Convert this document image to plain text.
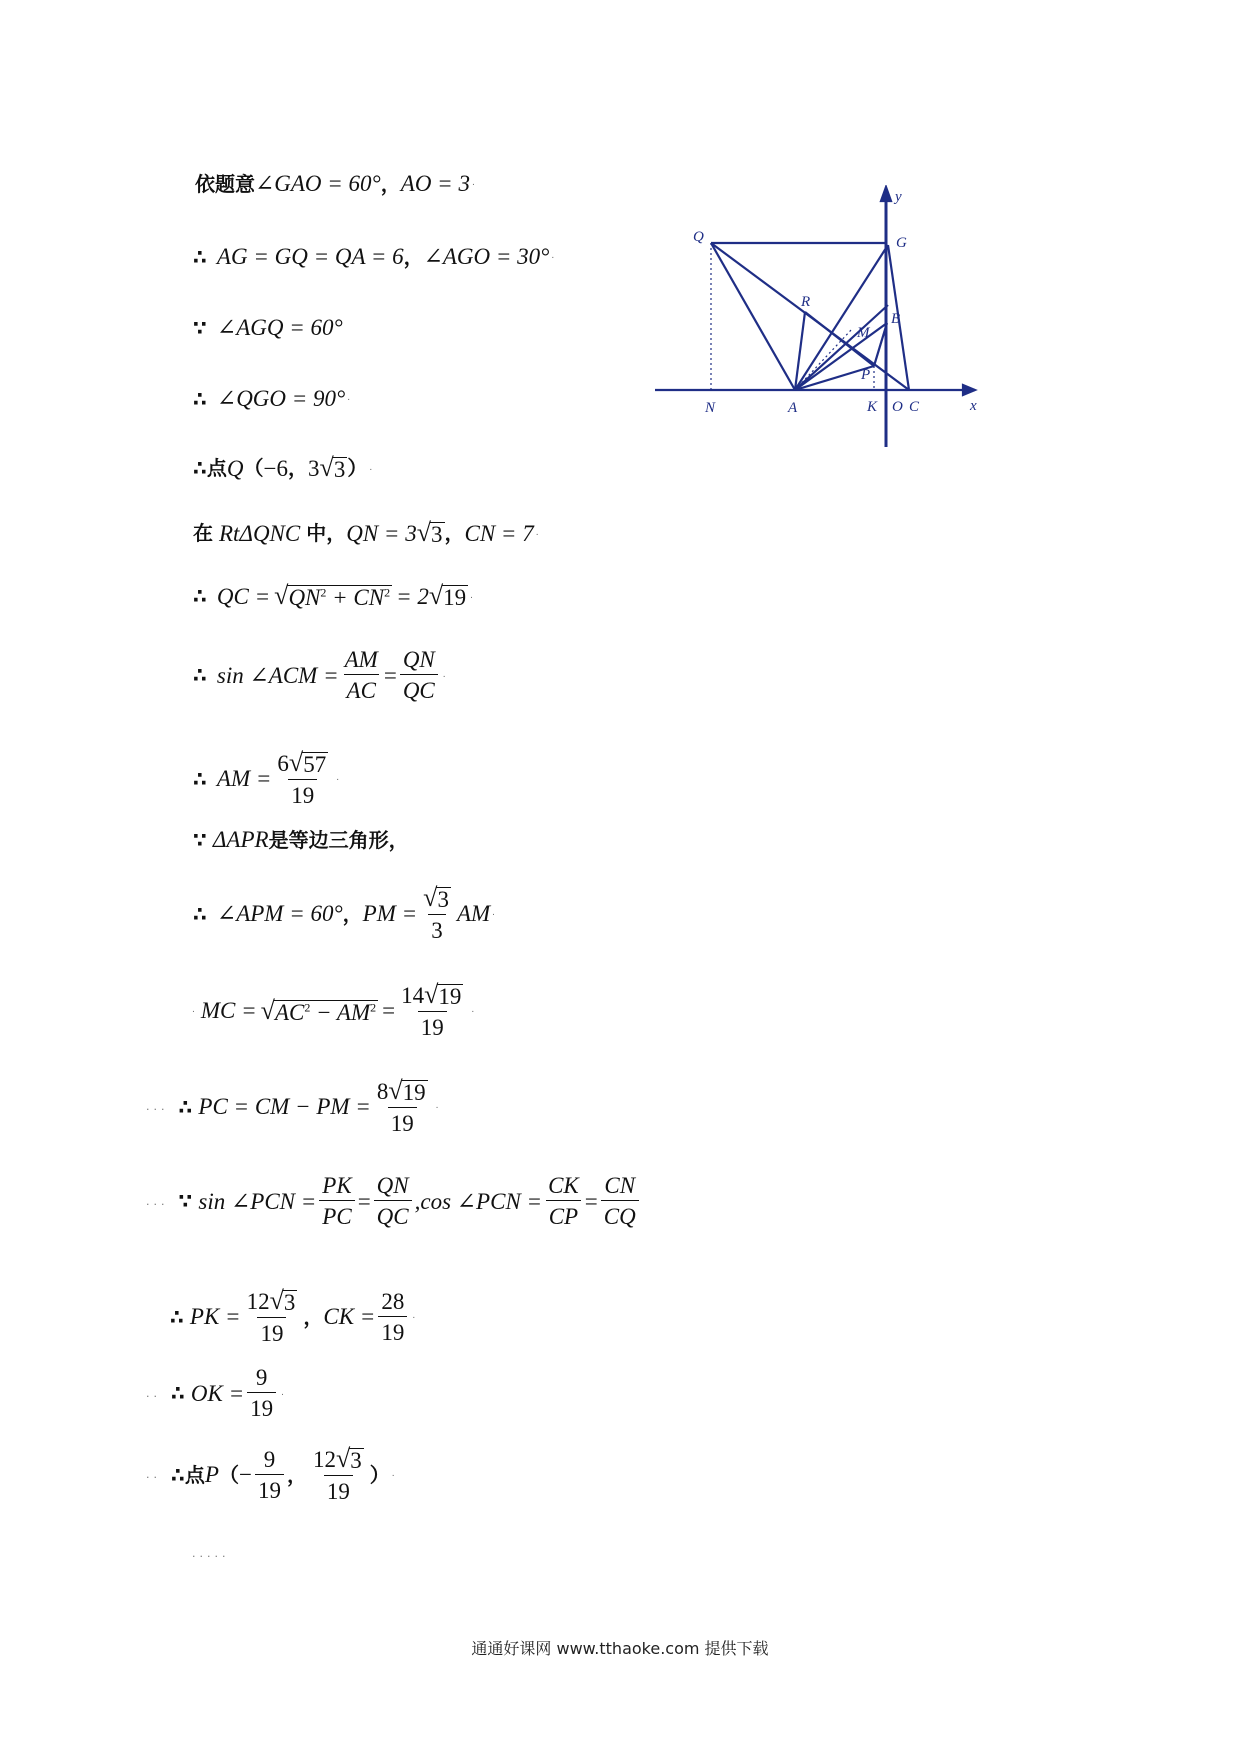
依题意 ∠GAO = 60° ， AO = 3 .
∴ AG = GQ = QA = 6 ， ∠AGO = 30° .
∵ ∠AGQ = 60°
∴ ∠QGO = 90° .
∴ 点 Q （ −6 ， 3 √ 3 ） .
在 RtΔQNC 中， QN = 3 √ 3 ， CN = 7 .
∴ QC = √ $QN^2 + CN^2 = 2$ √ 19 .
∴ sin ∠ACM = $\frac{AM}{AC} = \frac{QN}{QC}$ .
∴ AM = $\frac{6 √ 57}{19}$ .
∵ ΔAPR 是等边三角形，
∴ ∠APM = 60° ， PM = $\frac{√ 3}{3}$ AM .
. MC = √ $AC^2 - AM^2 = \frac{14 √ 19}{19}$ .
... ∴ PC = CM − PM = $\frac{8 √ 19}{19}$ .
... ∵ sin ∠PCN = $\frac{PK}{PC} = \frac{QN}{QC} ,\cos$ ∠PCN = $\frac{CK}{CP} = \frac{CN}{CQ}$
∴ PK = $\frac{12 √ 3}{19}$ ， CK = $\frac{28}{19}$ .
.. ∴ OK = $\frac{9}{19}$ .
.. ∴ 点 P （ − $\frac{9}{19}$ ， $\frac{12 √ 3}{19}$ ） .
.....
Q	G
y
R
B
M
P
N	A	K O C	x
通通好课网 www.tthaoke.com 提供下载
